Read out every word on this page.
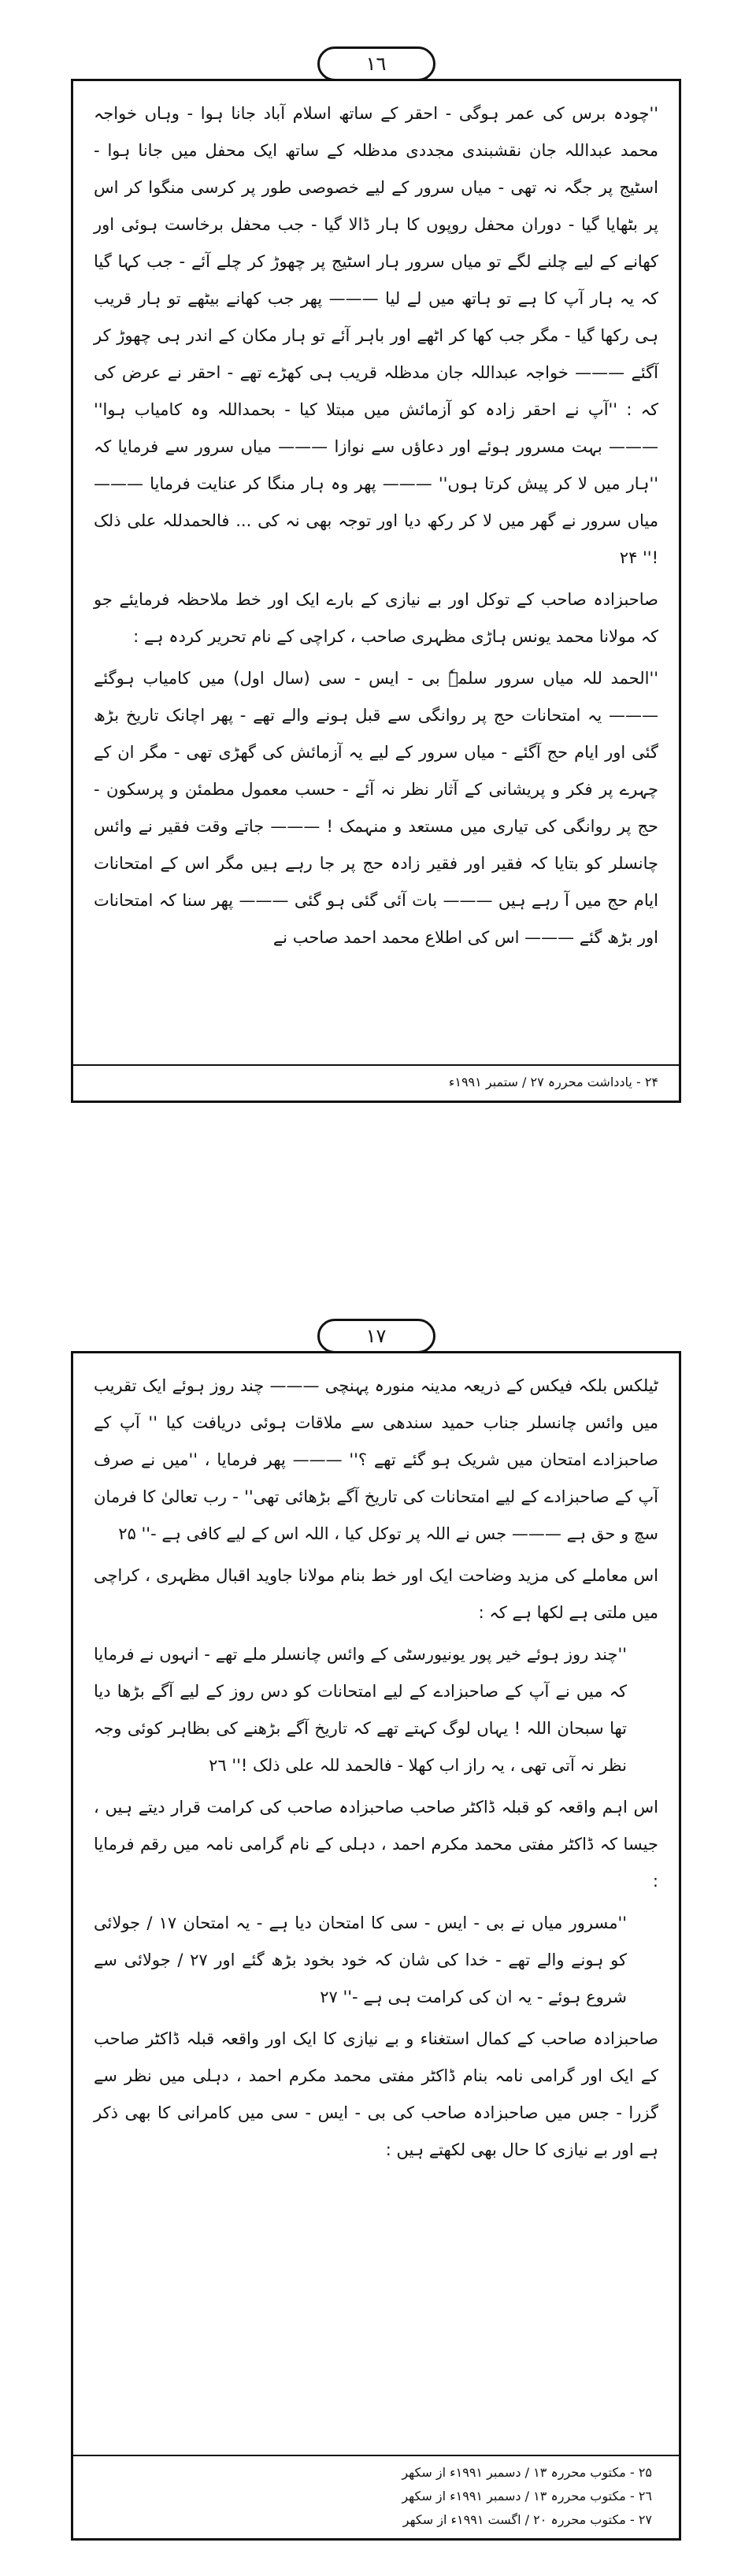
١٦

''چودہ برس کی عمر ہوگی - احقر کے ساتھ اسلام آباد جانا ہوا - وہاں خواجہ محمد عبداللہ جان نقشبندی مجددی مدظلہ کے ساتھ ایک محفل میں جانا ہوا - اسٹیج پر جگہ نہ تھی - میاں سرور کے لیے خصوصی طور پر کرسی منگوا کر اس پر بٹھایا گیا - دوران محفل روپوں کا ہار ڈالا گیا - جب محفل برخاست ہوئی اور کھانے کے لیے چلنے لگے تو میاں سرور ہار اسٹیج پر چھوڑ کر چلے آئے - جب کہا گیا کہ یہ ہار آپ کا ہے تو ہاتھ میں لے لیا ——— پھر جب کھانے بیٹھے تو ہار قریب ہی رکھا گیا - مگر جب کھا کر اٹھے اور باہر آئے تو ہار مکان کے اندر ہی چھوڑ کر آگئے ——— خواجہ عبداللہ جان مدظلہ قریب ہی کھڑے تھے - احقر نے عرض کی کہ : ''آپ نے احقر زادہ کو آزمائش میں مبتلا کیا - بحمداللہ وہ کامیاب ہوا'' ——— بہت مسرور ہوئے اور دعاؤں سے نوازا ——— میاں سرور سے فرمایا کہ ''ہار میں لا کر پیش کرتا ہوں'' ——— پھر وہ ہار منگا کر عنایت فرمایا ——— میاں سرور نے گھر میں لا کر رکھ دیا اور توجہ بھی نہ کی ... فالحمدللہ علی ذلک !'' ٢۴

صاحبزادہ صاحب کے توکل اور بے نیازی کے بارے ایک اور خط ملاحظہ فرمایئے جو کہ مولانا محمد یونس ہاڑی مظہری صاحب ، کراچی کے نام تحریر کردہ ہے :

''الحمد للہ میاں سرور سلمہٗ بی - ایس - سی (سال اول) میں کامیاب ہوگئے ——— یہ امتحانات حج پر روانگی سے قبل ہونے والے تھے - پھر اچانک تاریخ بڑھ گئی اور ایام حج آگئے - میاں سرور کے لیے یہ آزمائش کی گھڑی تھی - مگر ان کے چہرے پر فکر و پریشانی کے آثار نظر نہ آئے - حسب معمول مطمئن و پرسکون - حج پر روانگی کی تیاری میں مستعد و منہمک ! ——— جاتے وقت فقیر نے وائس چانسلر کو بتایا کہ فقیر اور فقیر زادہ حج پر جا رہے ہیں مگر اس کے امتحانات ایام حج میں آ رہے ہیں ——— بات آئی گئی ہو گئی ——— پھر سنا کہ امتحانات اور بڑھ گئے ——— اس کی اطلاع محمد احمد صاحب نے

٢۴ - یادداشت محررہ ٢٧ / ستمبر ١٩٩١ء
١٧

ٹیلکس بلکہ فیکس کے ذریعہ مدینہ منورہ پہنچی ——— چند روز ہوئے ایک تقریب میں وائس چانسلر جناب حمید سندھی سے ملاقات ہوئی دریافت کیا '' آپ کے صاحبزادے امتحان میں شریک ہو گئے تھے ؟'' ——— پھر فرمایا ، ''میں نے صرف آپ کے صاحبزادے کے لیے امتحانات کی تاریخ آگے بڑھائی تھی'' - رب تعالیٰ کا فرمان سچ و حق ہے ——— جس نے اللہ پر توکل کیا ، اللہ اس کے لیے کافی ہے -'' ٢۵

اس معاملے کی مزید وضاحت ایک اور خط بنام مولانا جاوید اقبال مظہری ، کراچی میں ملتی ہے لکھا ہے کہ :

''چند روز ہوئے خیر پور یونیورسٹی کے وائس چانسلر ملے تھے - انہوں نے فرمایا کہ میں نے آپ کے صاحبزادے کے لیے امتحانات کو دس روز کے لیے آگے بڑھا دیا تھا سبحان اللہ ! یہاں لوگ کہتے تھے کہ تاریخ آگے بڑھنے کی بظاہر کوئی وجہ نظر نہ آتی تھی ، یہ راز اب کھلا - فالحمد للہ علی ذلک !'' ٢٦

اس اہم واقعہ کو قبلہ ڈاکٹر صاحب صاحبزادہ صاحب کی کرامت قرار دیتے ہیں ، جیسا کہ ڈاکٹر مفتی محمد مکرم احمد ، دہلی کے نام گرامی نامہ میں رقم فرمایا :

''مسرور میاں نے بی - ایس - سی کا امتحان دیا ہے - یہ امتحان ١٧ / جولائی کو ہونے والے تھے - خدا کی شان کہ خود بخود بڑھ گئے اور ٢٧ / جولائی سے شروع ہوئے - یہ ان کی کرامت ہی ہے -'' ٢٧

صاحبزادہ صاحب کے کمال استغناء و بے نیازی کا ایک اور واقعہ قبلہ ڈاکٹر صاحب کے ایک اور گرامی نامہ بنام ڈاکٹر مفتی محمد مکرم احمد ، دہلی میں نظر سے گزرا - جس میں صاحبزادہ صاحب کی بی - ایس - سی میں کامرانی کا بھی ذکر ہے اور بے نیازی کا حال بھی لکھتے ہیں :

٢۵ - مکتوب محررہ ١٣ / دسمبر ١٩٩١ء از سکھر
٢٦ - مکتوب محررہ ١٣ / دسمبر ١٩٩١ء از سکھر
٢٧ - مکتوب محررہ ٢٠ / اگست ١٩٩١ء از سکھر
